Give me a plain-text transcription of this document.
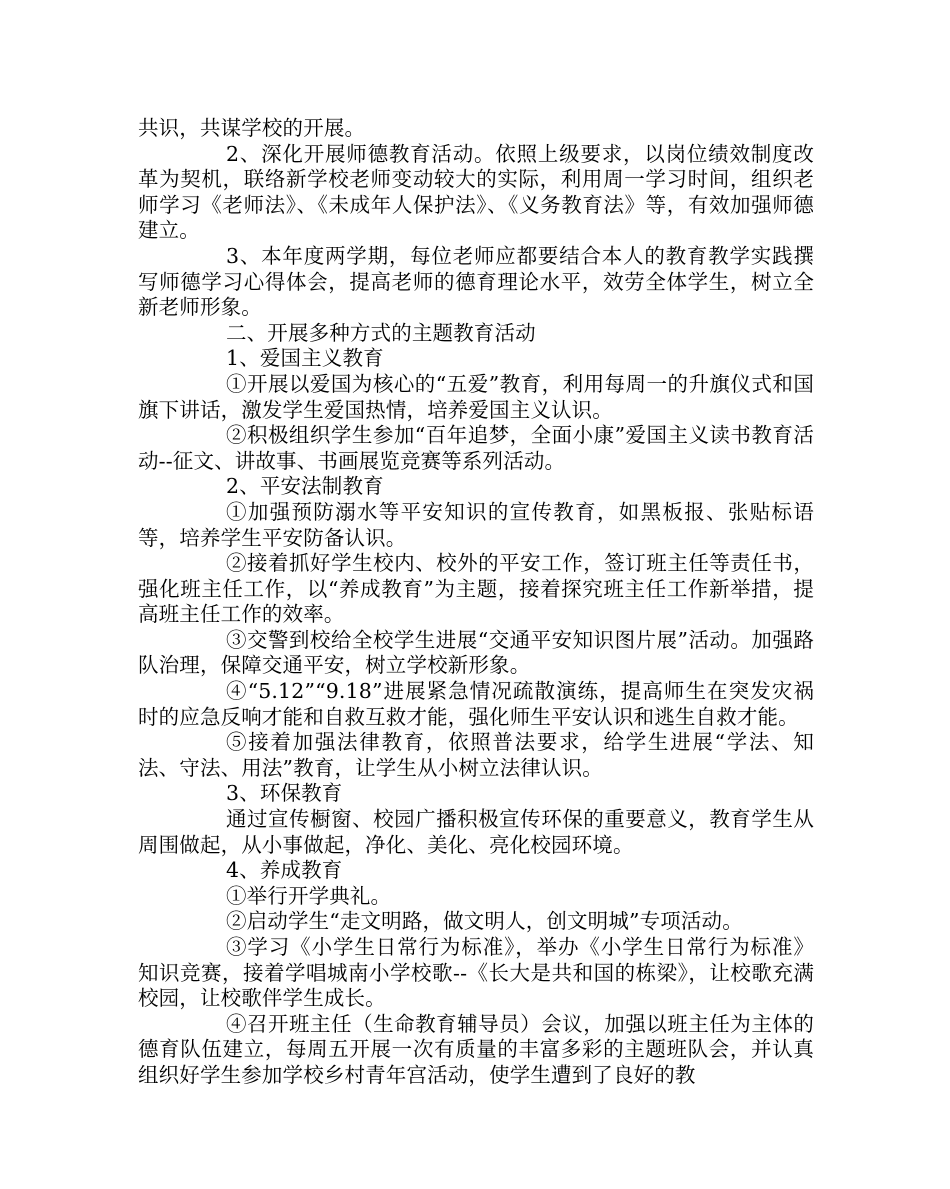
共识，共谋学校的开展。

2、深化开展师德教育活动。依照上级要求，以岗位绩效制度改革为契机，联络新学校老师变动较大的实际，利用周一学习时间，组织老师学习《老师法》、《未成年人保护法》、《义务教育法》等，有效加强师德建立。

3、本年度两学期，每位老师应都要结合本人的教育教学实践撰写师德学习心得体会，提高老师的德育理论水平，效劳全体学生，树立全新老师形象。

二、开展多种方式的主题教育活动

1、爱国主义教育

①开展以爱国为核心的“五爱”教育，利用每周一的升旗仪式和国旗下讲话，激发学生爱国热情，培养爱国主义认识。

②积极组织学生参加“百年追梦，全面小康”爱国主义读书教育活动--征文、讲故事、书画展览竞赛等系列活动。

2、平安法制教育

①加强预防溺水等平安知识的宣传教育，如黑板报、张贴标语等，培养学生平安防备认识。

②接着抓好学生校内、校外的平安工作，签订班主任等责任书，强化班主任工作，以“养成教育”为主题，接着探究班主任工作新举措，提高班主任工作的效率。

③交警到校给全校学生进展“交通平安知识图片展”活动。加强路队治理，保障交通平安，树立学校新形象。

④“5.12”“9.18”进展紧急情况疏散演练，提高师生在突发灾祸时的应急反响才能和自救互救才能，强化师生平安认识和逃生自救才能。

⑤接着加强法律教育，依照普法要求，给学生进展“学法、知法、守法、用法”教育，让学生从小树立法律认识。

3、环保教育

通过宣传橱窗、校园广播积极宣传环保的重要意义，教育学生从周围做起，从小事做起，净化、美化、亮化校园环境。

4、养成教育

①举行开学典礼。

②启动学生“走文明路，做文明人，创文明城”专项活动。

③学习《小学生日常行为标准》，举办《小学生日常行为标准》知识竞赛，接着学唱城南小学校歌--《长大是共和国的栋梁》，让校歌充满校园，让校歌伴学生成长。

④召开班主任（生命教育辅导员）会议，加强以班主任为主体的德育队伍建立，每周五开展一次有质量的丰富多彩的主题班队会，并认真组织好学生参加学校乡村青年宫活动，使学生遭到了良好的教
